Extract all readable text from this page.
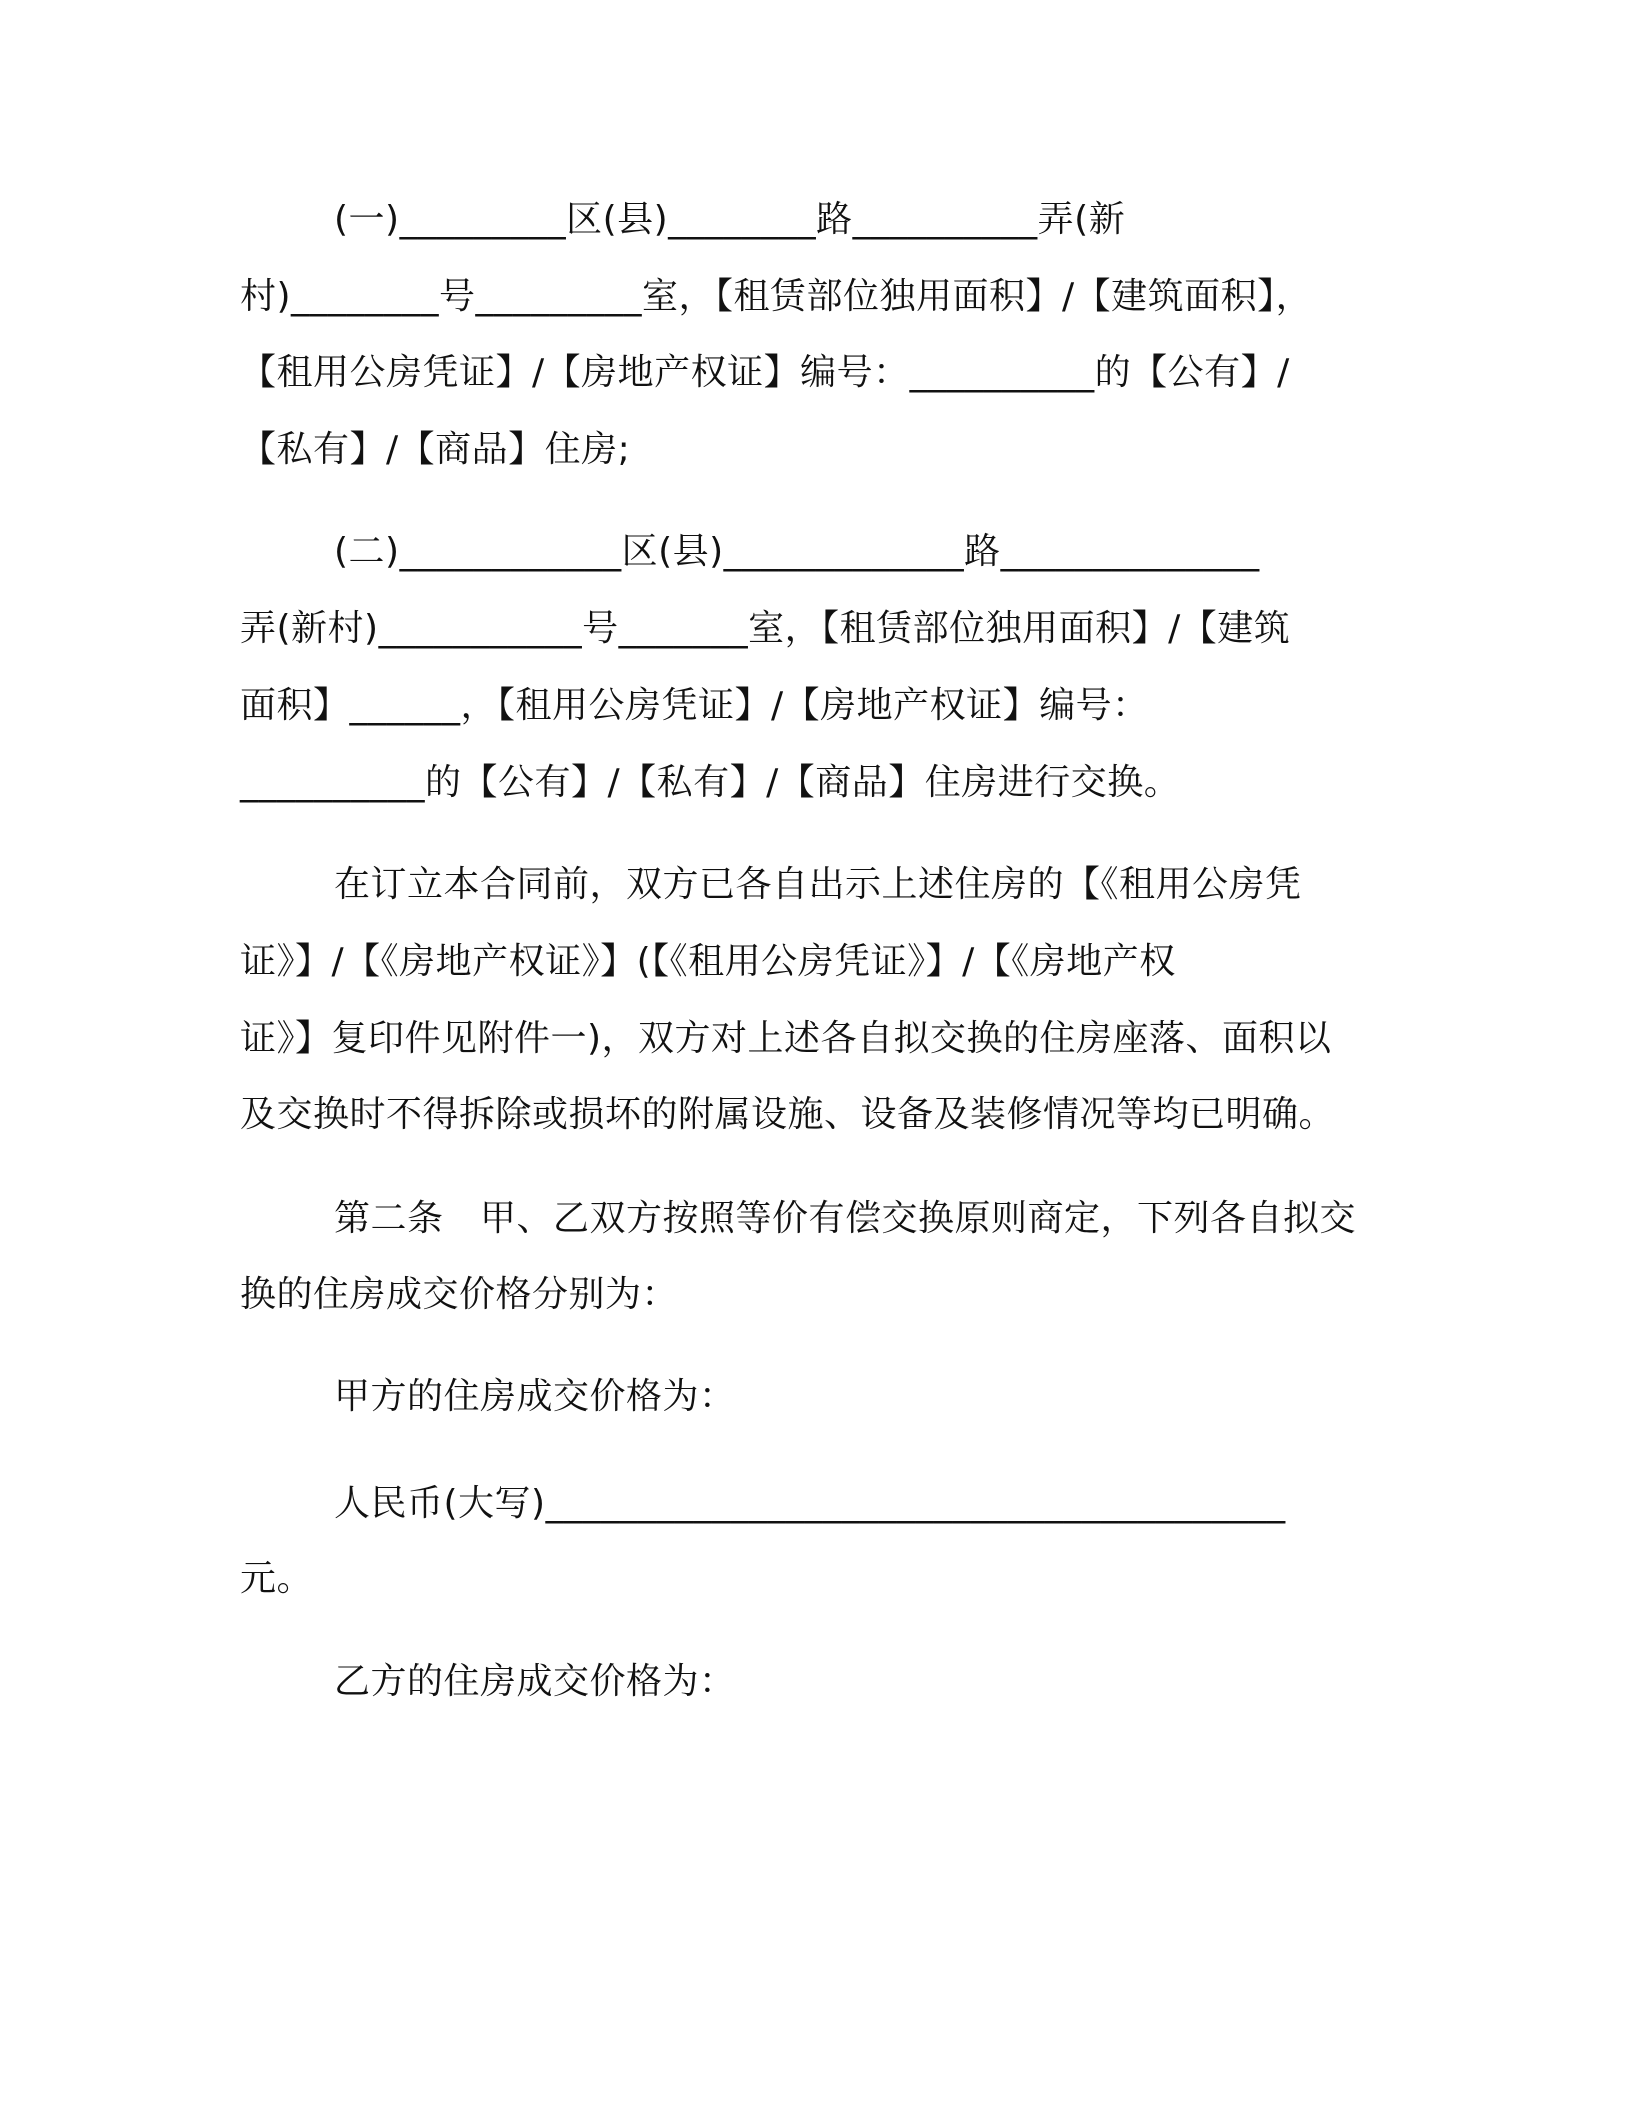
(一)_________区(县)________路__________弄(新
村)________号_________室，【租赁部位独用面积】/【建筑面积】，
【租用公房凭证】/【房地产权证】编号：__________的【公有】/
【私有】/【商品】住房;
(二)____________区(县)_____________路______________
弄(新村)___________号_______室，【租赁部位独用面积】/【建筑
面积】______，【租用公房凭证】/【房地产权证】编号：
__________的【公有】/【私有】/【商品】住房进行交换。
在订立本合同前，双方已各自出示上述住房的【《租用公房凭
证》】/【《房地产权证》】(【《租用公房凭证》】/【《房地产权
证》】复印件见附件一)，双方对上述各自拟交换的住房座落、面积以
及交换时不得拆除或损坏的附属设施、设备及装修情况等均已明确。
第二条　甲、乙双方按照等价有偿交换原则商定，下列各自拟交
换的住房成交价格分别为：
甲方的住房成交价格为：
人民币(大写)________________________________________
元。
乙方的住房成交价格为：
